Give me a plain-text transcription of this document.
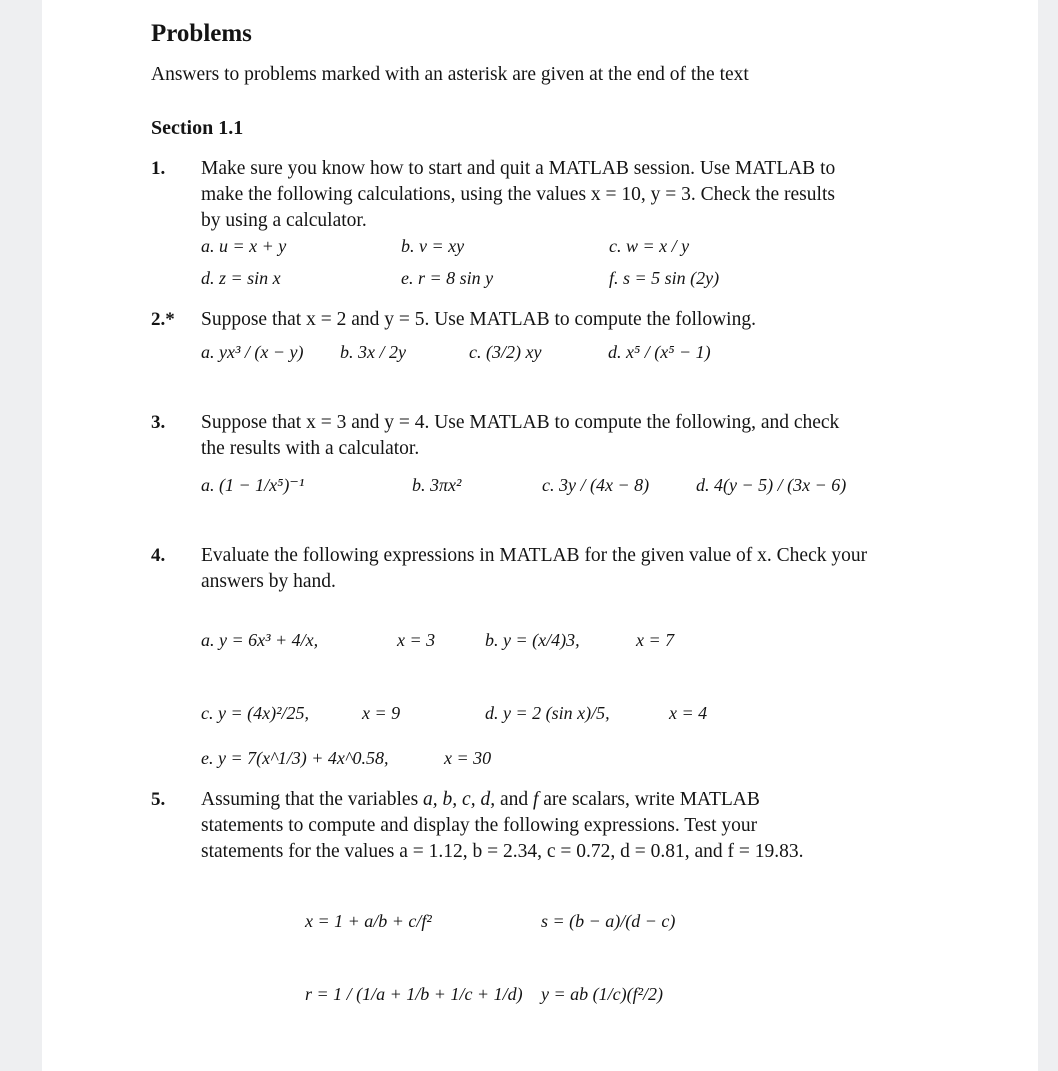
Problems
Answers to problems marked with an asterisk are given at the end of the text
Section 1.1
1. Make sure you know how to start and quit a MATLAB session. Use MATLAB to make the following calculations, using the values x = 10, y = 3. Check the results by using a calculator.
a. u = x + y	b. v = xy	c. w = x / y
d. z = sin x	e. r = 8 sin y	f. s = 5 sin (2y)
2.* Suppose that x = 2 and y = 5. Use MATLAB to compute the following.
a. yx³ / (x − y) b. 3x / 2y	c. (3/2) xy	d. x⁵ / (x⁵ − 1)
3. Suppose that x = 3 and y = 4. Use MATLAB to compute the following, and check the results with a calculator.
a. (1 − 1/x⁵)⁻¹	b. 3πx²	c. 3y / (4x − 8)	d. 4(y − 5) / (3x − 6)
4. Evaluate the following expressions in MATLAB for the given value of x. Check your answers by hand.
a. y = 6x³ + 4/x,	x = 3	b. y = (x/4)3,	x = 7
c. y = (4x)²/25,	x = 9	d. y = 2 (sin x)/5,	x = 4
e. y = 7(x^1/3) + 4x^0.58,	x = 30
5. Assuming that the variables a, b, c, d, and f are scalars, write MATLAB statements to compute and display the following expressions. Test your statements for the values a = 1.12, b = 2.34, c = 0.72, d = 0.81, and f = 19.83.
x = 1 + a/b + c/f²	s = (b − a)/(d − c)
r = 1 / (1/a + 1/b + 1/c + 1/d) y = ab (1/c)(f²/2)
